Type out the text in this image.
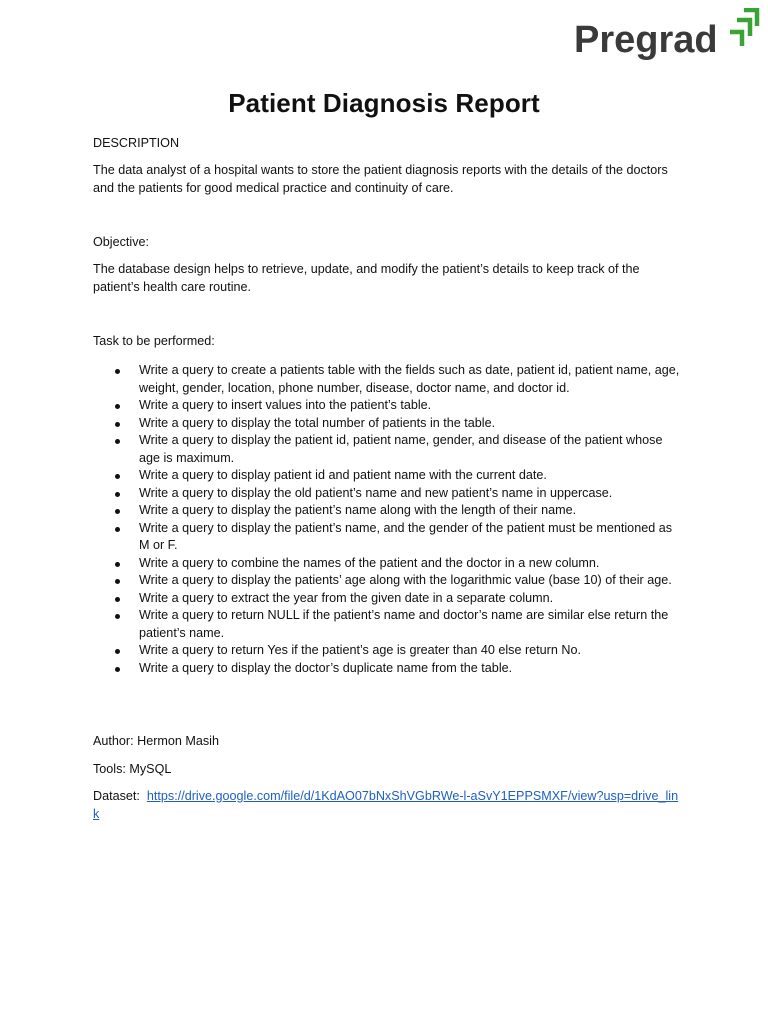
Pregrad
Patient Diagnosis Report
DESCRIPTION
The data analyst of a hospital wants to store the patient diagnosis reports with the details of the doctors and the patients for good medical practice and continuity of care.
Objective:
The database design helps to retrieve, update, and modify the patient’s details to keep track of the patient’s health care routine.
Task to be performed:
Write a query to create a patients table with the fields such as date, patient id, patient name, age, weight, gender, location, phone number, disease, doctor name, and doctor id.
Write a query to insert values into the patient’s table.
Write a query to display the total number of patients in the table.
Write a query to display the patient id, patient name, gender, and disease of the patient whose age is maximum.
Write a query to display patient id and patient name with the current date.
Write a query to display the old patient’s name and new patient’s name in uppercase.
Write a query to display the patient’s name along with the length of their name.
Write a query to display the patient’s name, and the gender of the patient must be mentioned as M or F.
Write a query to combine the names of the patient and the doctor in a new column.
Write a query to display the patients’ age along with the logarithmic value (base 10) of their age.
Write a query to extract the year from the given date in a separate column.
Write a query to return NULL if the patient’s name and doctor’s name are similar else return the patient’s name.
Write a query to return Yes if the patient’s age is greater than 40 else return No.
Write a query to display the doctor’s duplicate name from the table.
Author: Hermon Masih
Tools: MySQL
Dataset: https://drive.google.com/file/d/1KdAO07bNxShVGbRWe-l-aSvY1EPPSMXF/view?usp=drive_link
